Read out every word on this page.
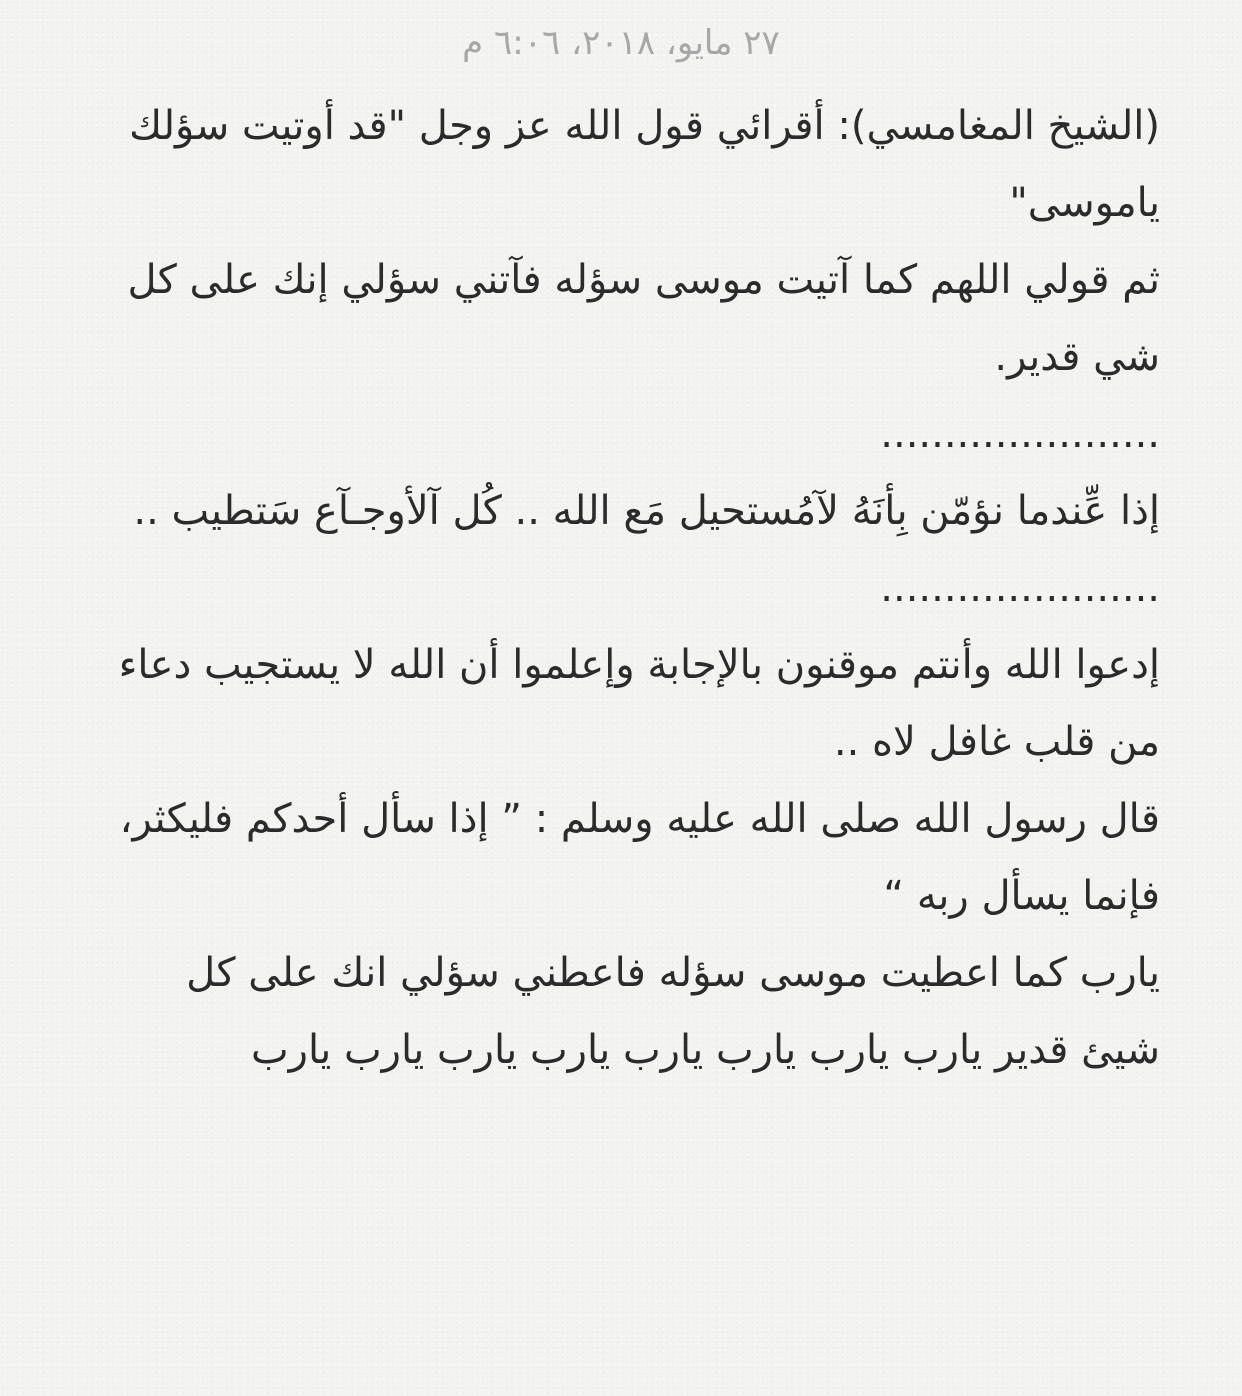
٢٧ مايو، ٢٠١٨، ٦:٠٦ م
(الشيخ المغامسي): أقرائي قول الله عز وجل "قد أوتيت سؤلك ياموسى"
ثم قولي اللهم كما آتيت موسى سؤله فآتني سؤلي إنك على كل شي قدير.
......................
إذا عِّندما نؤمّن بِأنَهُ لآمُستحيل مَع الله .. كُل آلأوجـآع سَتطيب ..
......................
إدعوا الله وأنتم موقنون بالإجابة وإعلموا أن الله لا يستجيب دعاء من قلب غافل لاه ..
قال رسول الله صلى الله عليه وسلم : ” إذا سأل أحدكم فليكثر، فإنما يسأل ربه “
يارب كما اعطيت موسى سؤله فاعطني سؤلي انك على كل شيئ قدير يارب يارب يارب يارب يارب يارب يارب يارب
